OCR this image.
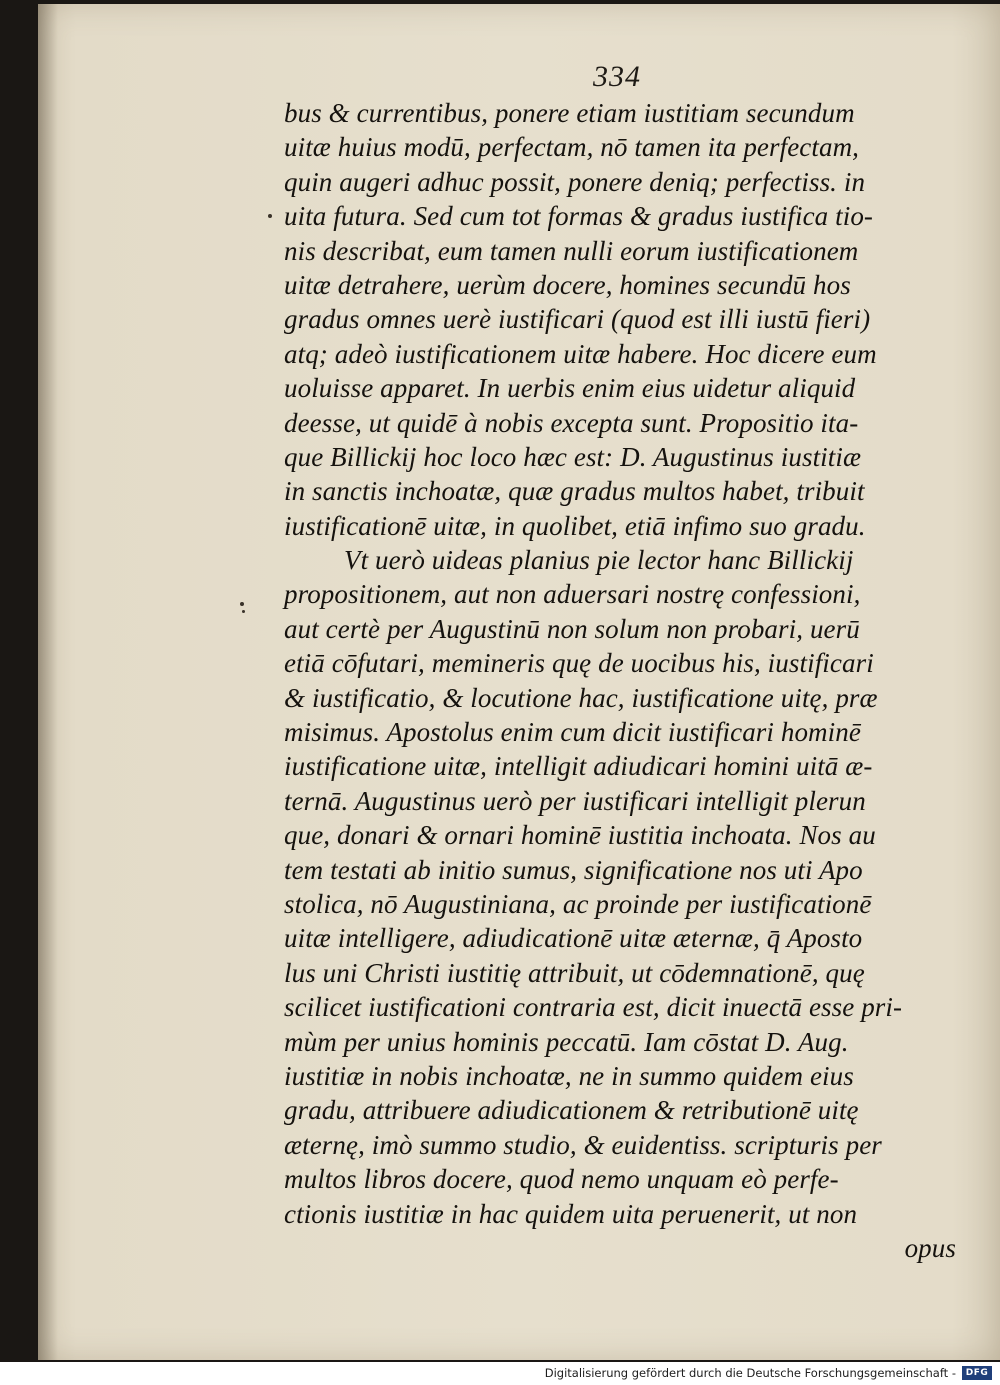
334
bus & currentibus, ponere etiam iustitiam secundum
uitæ huius modū, perfectam, nō tamen ita perfectam,
quin augeri adhuc possit, ponere deniq; perfectiss. in
uita futura. Sed cum tot formas & gradus iustifica tio-
nis describat, eum tamen nulli eorum iustificationem
uitæ detrahere, uerùm docere, homines secundū hos
gradus omnes uerè iustificari (quod est illi iustū fieri)
atq; adeò iustificationem uitæ habere. Hoc dicere eum
uoluisse apparet. In uerbis enim eius uidetur aliquid
deesse, ut quidē à nobis excepta sunt. Propositio ita-
que Billickij hoc loco hæc est: D. Augustinus iustitiæ
in sanctis inchoatæ, quæ gradus multos habet, tribuit
iustificationē uitæ, in quolibet, etiā infimo suo gradu.
Vt uerò uideas planius pie lector hanc Billickij
propositionem, aut non aduersari nostrę confessioni,
aut certè per Augustinū non solum non probari, uerū
etiā cōfutari, memineris quę de uocibus his, iustificari
& iustificatio, & locutione hac, iustificatione uitę, præ
misimus. Apostolus enim cum dicit iustificari hominē
iustificatione uitæ, intelligit adiudicari homini uitā æ-
ternā. Augustinus uerò per iustificari intelligit plerun
que, donari & ornari hominē iustitia inchoata. Nos au
tem testati ab initio sumus, significatione nos uti Apo
stolica, nō Augustiniana, ac proinde per iustificationē
uitæ intelligere, adiudicationē uitæ æternæ, q̄ Aposto
lus uni Christi iustitię attribuit, ut cōdemnationē, quę
scilicet iustificationi contraria est, dicit inuectā esse pri-
mùm per unius hominis peccatū. Iam cōstat D. Aug.
iustitiæ in nobis inchoatæ, ne in summo quidem eius
gradu, attribuere adiudicationem & retributionē uitę
æternę, imò summo studio, & euidentiss. scripturis per
multos libros docere, quod nemo unquam eò perfe-
ctionis iustitiæ in hac quidem uita peruenerit, ut non
opus
Digitalisierung gefördert durch die Deutsche Forschungsgemeinschaft -	DFG
